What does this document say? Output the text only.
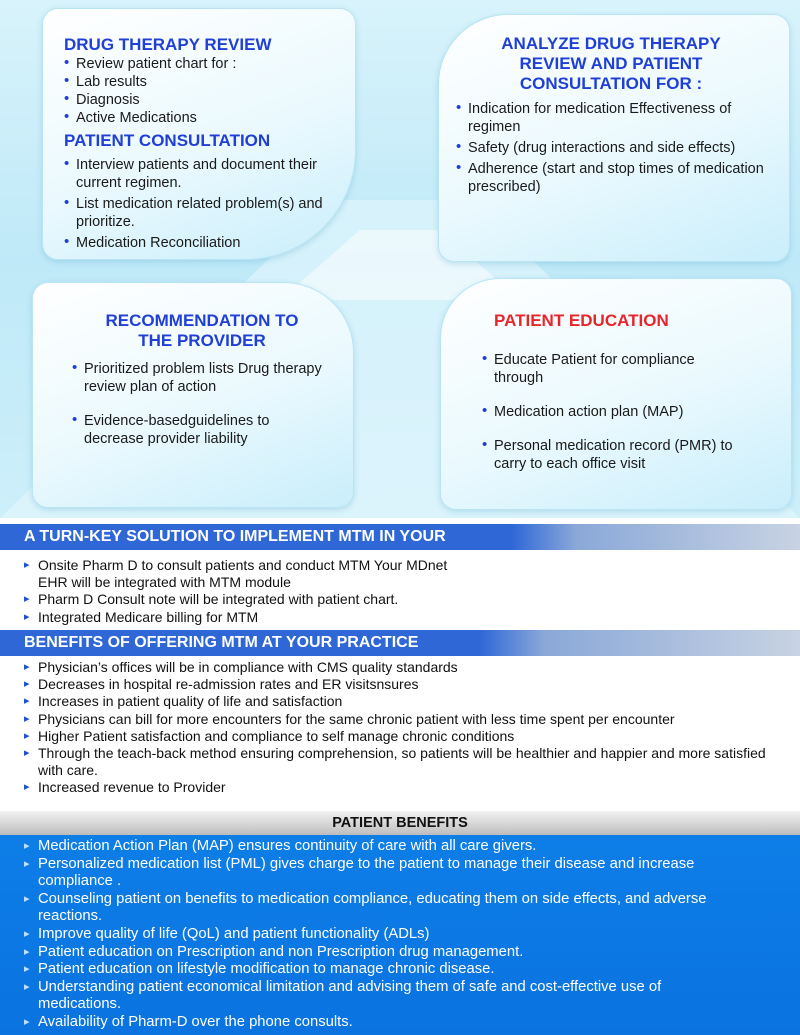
DRUG THERAPY REVIEW
• Review patient chart for :
• Lab results
• Diagnosis
• Active Medications
PATIENT CONSULTATION
• Interview patients and document their current regimen.
• List medication related problem(s) and prioritize.
• Medication Reconciliation
ANALYZE DRUG THERAPY
REVIEW AND PATIENT
CONSULTATION FOR :
• Indication for medication Effectiveness of regimen
• Safety (drug interactions and side effects)
• Adherence (start and stop times of medication prescribed)
RECOMMENDATION TO
THE PROVIDER
• Prioritized problem lists Drug therapy review plan of action
• Evidence-basedguidelines to decrease provider liability
PATIENT EDUCATION
• Educate Patient for compliance through
• Medication action plan (MAP)
• Personal medication record (PMR) to carry to each office visit
A TURN-KEY SOLUTION TO IMPLEMENT MTM IN YOUR
▸ Onsite Pharm D to consult patients and conduct MTM Your MDnet EHR will be integrated with MTM module
▸ Pharm D Consult note will be integrated with patient chart.
▸ Integrated Medicare billing for MTM
BENEFITS OF OFFERING MTM AT YOUR PRACTICE
▸ Physician’s offices will be in compliance with CMS quality standards
▸ Decreases in hospital re-admission rates and ER visitsnsures
▸ Increases in patient quality of life and satisfaction
▸ Physicians can bill for more encounters for the same chronic patient with less time spent per encounter
▸ Higher Patient satisfaction and compliance to self manage chronic conditions
▸ Through the teach-back method ensuring comprehension, so patients will be healthier and happier and more satisfied with care.
▸ Increased revenue to Provider
PATIENT BENEFITS
▸ Medication Action Plan (MAP) ensures continuity of care with all care givers.
▸ Personalized medication list (PML) gives charge to the patient to manage their disease and increase compliance .
▸ Counseling patient on benefits to medication compliance, educating them on side effects, and adverse reactions.
▸ Improve quality of life (QoL) and patient functionality (ADLs)
▸ Patient education on Prescription and non Prescription drug management.
▸ Patient education on lifestyle modification to manage chronic disease.
▸ Understanding patient economical limitation and advising them of safe and cost-effective use of medications.
▸ Availability of Pharm-D over the phone consults.
